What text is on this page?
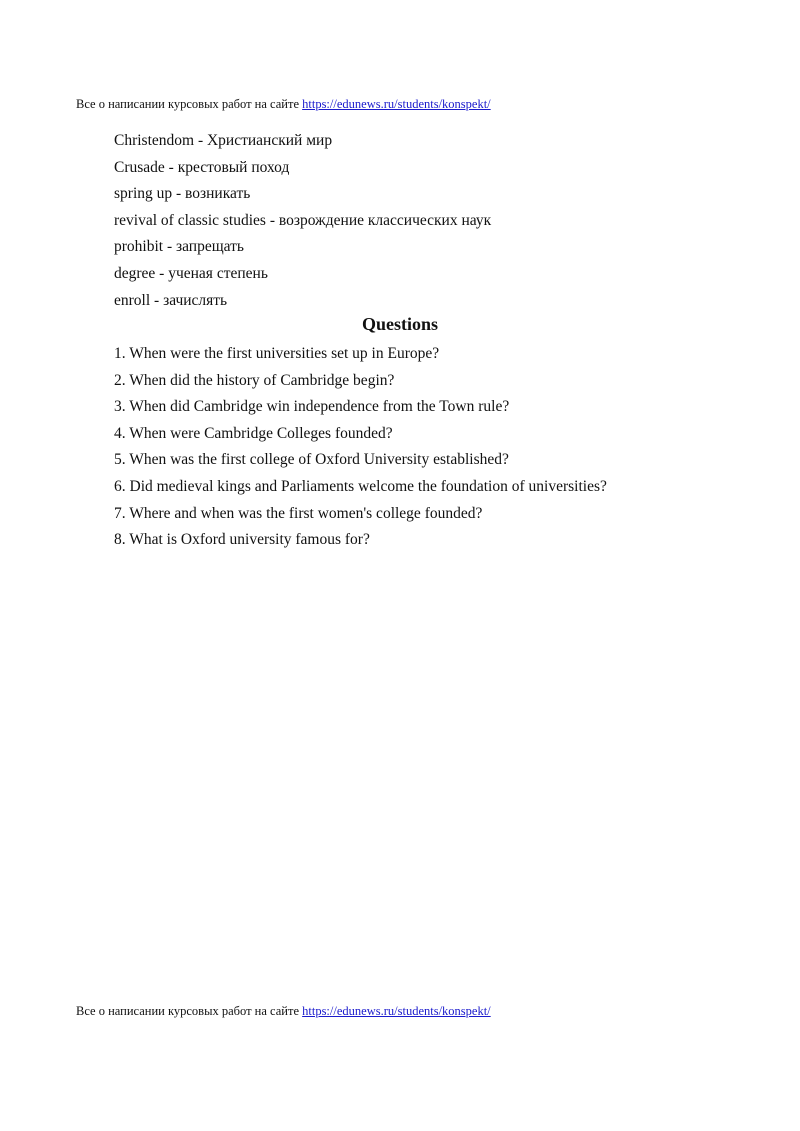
Все о написании курсовых работ на сайте https://edunews.ru/students/konspekt/
Christendom - Христианский мир
Crusade - крестовый поход
spring up - возникать
revival of classic studies - возрождение классических наук
prohibit - запрещать
degree - ученая степень
enroll - зачислять
Questions
1. When were the first universities set up in Europe?
2. When did the history of Cambridge begin?
3. When did Cambridge win independence from the Town rule?
4. When were Cambridge Colleges founded?
5. When was the first college of Oxford University established?
6. Did medieval kings and Parliaments welcome the foundation of universities?
7. Where and when was the first women's college founded?
8. What is Oxford university famous for?
Все о написании курсовых работ на сайте https://edunews.ru/students/konspekt/
